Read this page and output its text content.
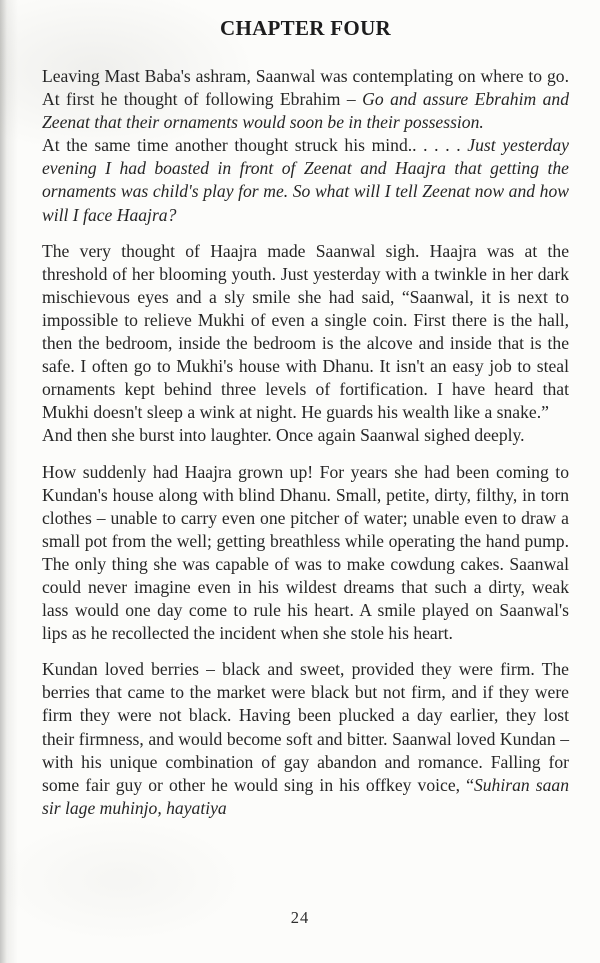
CHAPTER FOUR

Leaving Mast Baba's ashram, Saanwal was contemplating on where to go. At first he thought of following Ebrahim – Go and assure Ebrahim and Zeenat that their ornaments would soon be in their possession.

At the same time another thought struck his mind.. . . . . Just yesterday evening I had boasted in front of Zeenat and Haajra that getting the ornaments was child's play for me. So what will I tell Zeenat now and how will I face Haajra?

The very thought of Haajra made Saanwal sigh. Haajra was at the threshold of her blooming youth. Just yesterday with a twinkle in her dark mischievous eyes and a sly smile she had said, “Saanwal, it is next to impossible to relieve Mukhi of even a single coin. First there is the hall, then the bedroom, inside the bedroom is the alcove and inside that is the safe. I often go to Mukhi's house with Dhanu. It isn't an easy job to steal ornaments kept behind three levels of fortification. I have heard that Mukhi doesn't sleep a wink at night. He guards his wealth like a snake.”

And then she burst into laughter. Once again Saanwal sighed deeply.

How suddenly had Haajra grown up! For years she had been coming to Kundan's house along with blind Dhanu. Small, petite, dirty, filthy, in torn clothes – unable to carry even one pitcher of water; unable even to draw a small pot from the well; getting breathless while operating the hand pump. The only thing she was capable of was to make cowdung cakes. Saanwal could never imagine even in his wildest dreams that such a dirty, weak lass would one day come to rule his heart. A smile played on Saanwal's lips as he recollected the incident when she stole his heart.

Kundan loved berries – black and sweet, provided they were firm. The berries that came to the market were black but not firm, and if they were firm they were not black. Having been plucked a day earlier, they lost their firmness, and would become soft and bitter. Saanwal loved Kundan – with his unique combination of gay abandon and romance. Falling for some fair guy or other he would sing in his offkey voice, “Suhiran saan sir lage muhinjo, hayatiya

24
